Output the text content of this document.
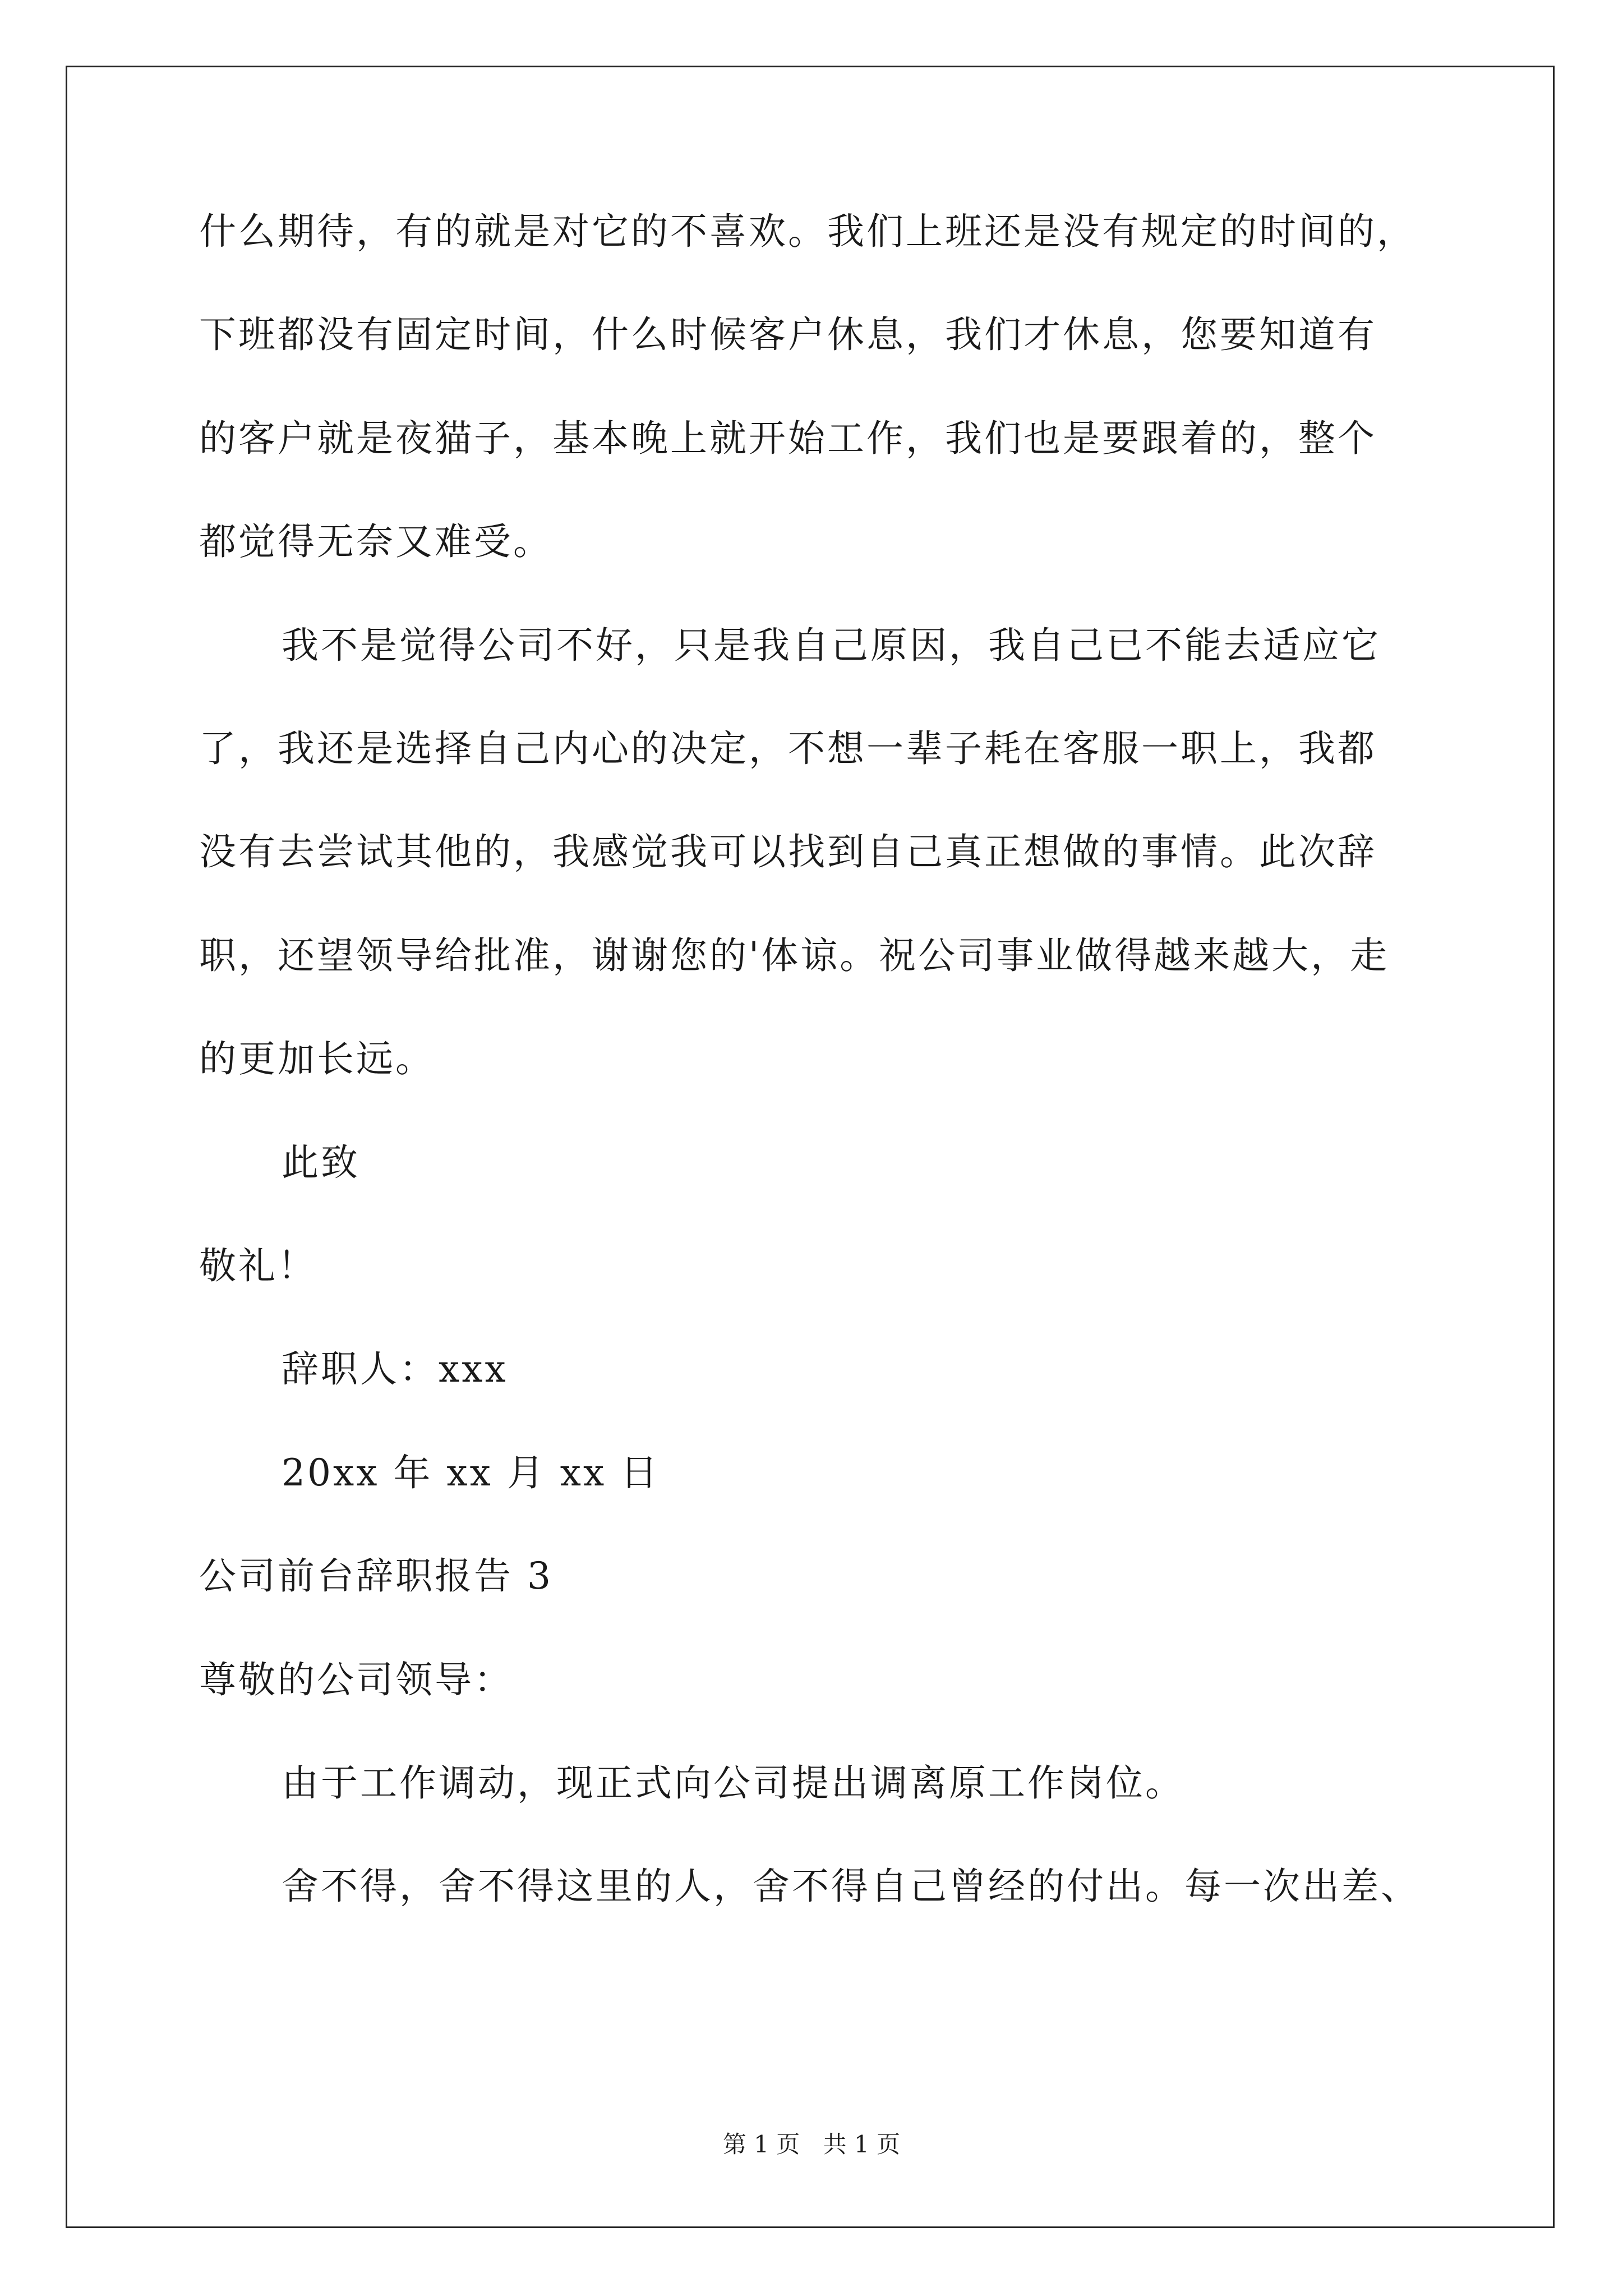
什么期待，有的就是对它的不喜欢。我们上班还是没有规定的时间的，
下班都没有固定时间，什么时候客户休息，我们才休息，您要知道有
的客户就是夜猫子，基本晚上就开始工作，我们也是要跟着的，整个
都觉得无奈又难受。
我不是觉得公司不好，只是我自己原因，我自己已不能去适应它
了，我还是选择自己内心的决定，不想一辈子耗在客服一职上，我都
没有去尝试其他的，我感觉我可以找到自己真正想做的事情。此次辞
职，还望领导给批准，谢谢您的'体谅。祝公司事业做得越来越大，走
的更加长远。
此致
敬礼！
辞职人：xxx
20xx 年 xx 月 xx 日
公司前台辞职报告 3
尊敬的公司领导：
由于工作调动，现正式向公司提出调离原工作岗位。
舍不得，舍不得这里的人，舍不得自己曾经的付出。每一次出差、
第 1 页 共 1 页
